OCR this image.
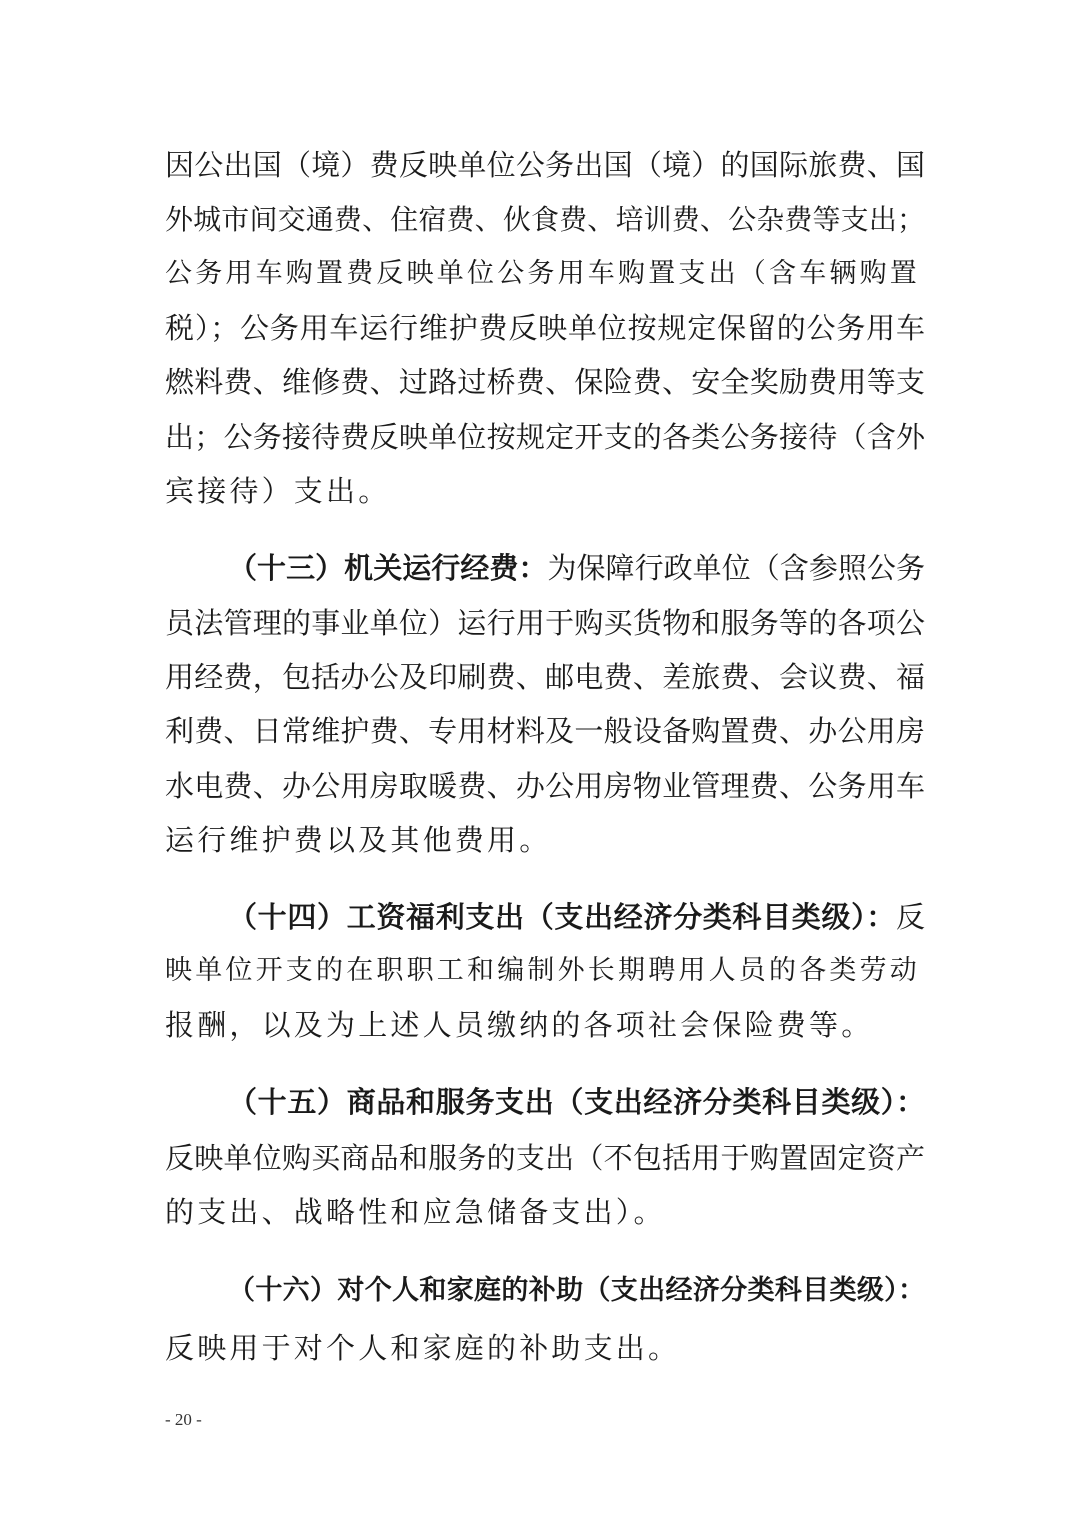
因公出国（境）费反映单位公务出国（境）的国际旅费、国
外城市间交通费、住宿费、伙食费、培训费、公杂费等支出；
公务用车购置费反映单位公务用车购置支出（含车辆购置
税）；公务用车运行维护费反映单位按规定保留的公务用车
燃料费、维修费、过路过桥费、保险费、安全奖励费用等支
出；公务接待费反映单位按规定开支的各类公务接待（含外
宾接待）支出。
（十三）机关运行经费：为保障行政单位（含参照公务
员法管理的事业单位）运行用于购买货物和服务等的各项公
用经费，包括办公及印刷费、邮电费、差旅费、会议费、福
利费、日常维护费、专用材料及一般设备购置费、办公用房
水电费、办公用房取暖费、办公用房物业管理费、公务用车
运行维护费以及其他费用。
（十四）工资福利支出（支出经济分类科目类级）：反
映单位开支的在职职工和编制外长期聘用人员的各类劳动
报酬，以及为上述人员缴纳的各项社会保险费等。
（十五）商品和服务支出（支出经济分类科目类级）：
反映单位购买商品和服务的支出（不包括用于购置固定资产
的支出、战略性和应急储备支出）。
（十六）对个人和家庭的补助（支出经济分类科目类级）：
反映用于对个人和家庭的补助支出。
- 20 -
